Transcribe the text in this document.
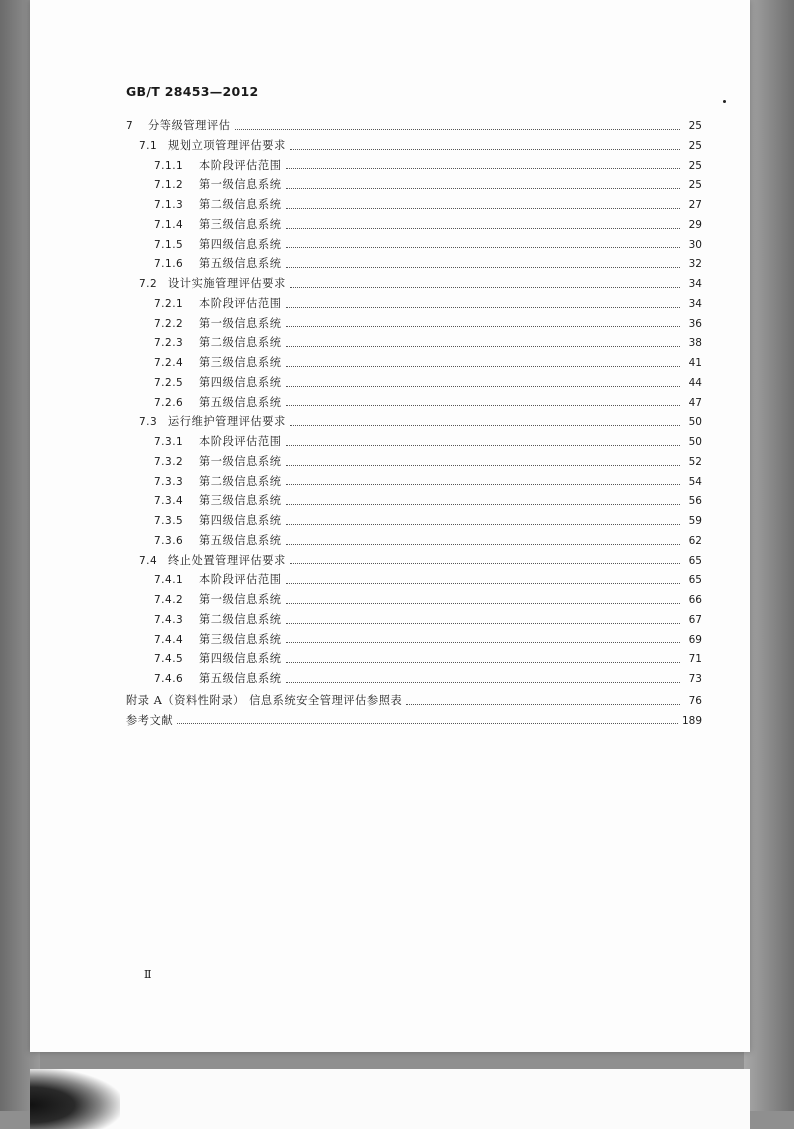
GB/T 28453—2012
7	分等级管理评估	25
7.1 规划立项管理评估要求	25
7.1.1	本阶段评估范围	25
7.1.2	第一级信息系统	25
7.1.3	第二级信息系统	27
7.1.4	第三级信息系统	29
7.1.5	第四级信息系统	30
7.1.6	第五级信息系统	32
7.2 设计实施管理评估要求	34
7.2.1	本阶段评估范围	34
7.2.2	第一级信息系统	36
7.2.3	第二级信息系统	38
7.2.4	第三级信息系统	41
7.2.5	第四级信息系统	44
7.2.6	第五级信息系统	47
7.3 运行维护管理评估要求	50
7.3.1	本阶段评估范围	50
7.3.2	第一级信息系统	52
7.3.3	第二级信息系统	54
7.3.4	第三级信息系统	56
7.3.5	第四级信息系统	59
7.3.6	第五级信息系统	62
7.4 终止处置管理评估要求	65
7.4.1	本阶段评估范围	65
7.4.2	第一级信息系统	66
7.4.3	第二级信息系统	67
7.4.4	第三级信息系统	69
7.4.5	第四级信息系统	71
7.4.6	第五级信息系统	73
附录 A（资料性附录） 信息系统安全管理评估参照表	76
参考文献	189
Ⅱ
